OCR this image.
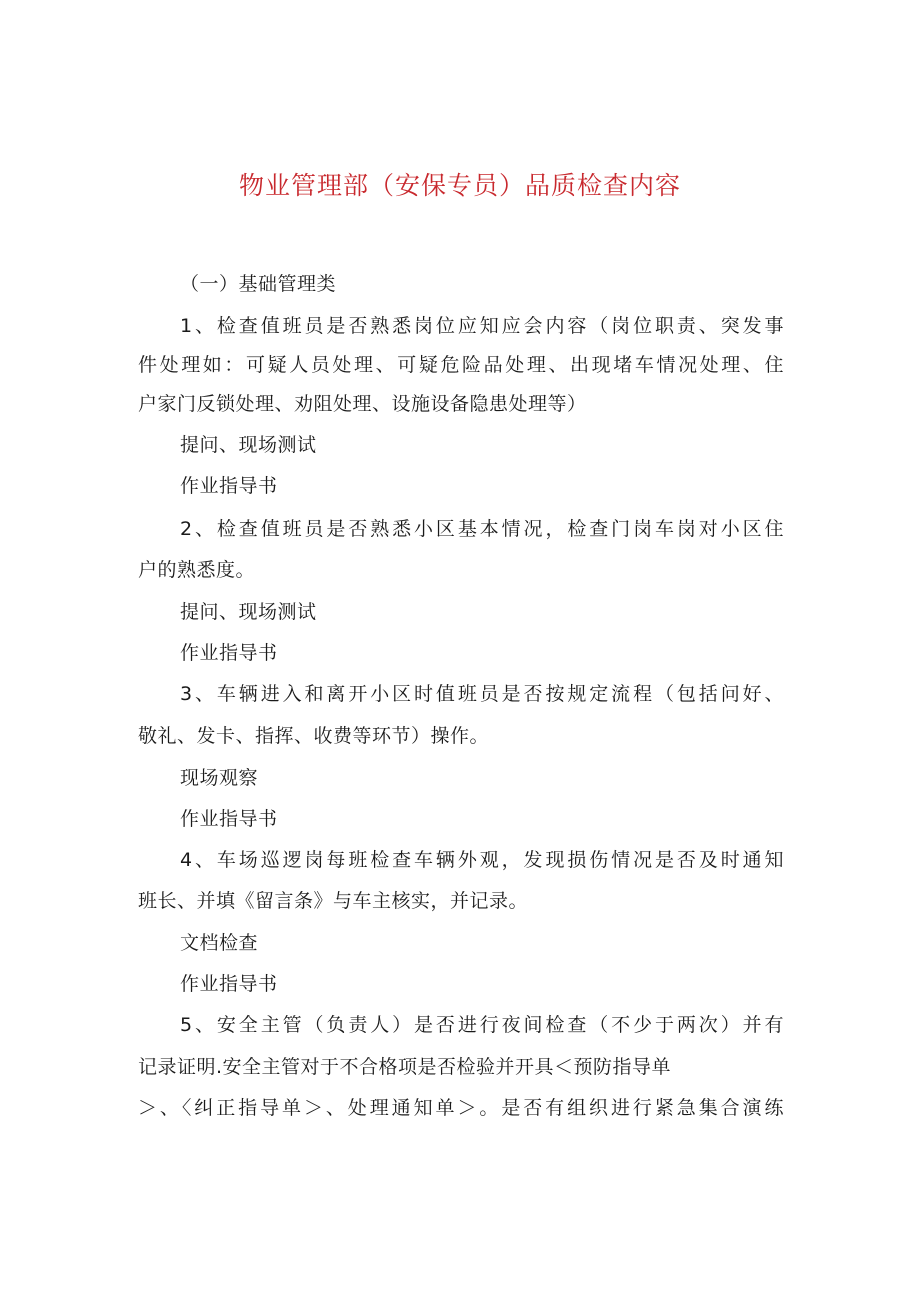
物业管理部（安保专员）品质检查内容
（一）基础管理类
1、检查值班员是否熟悉岗位应知应会内容（岗位职责、突发事
件处理如：可疑人员处理、可疑危险品处理、出现堵车情况处理、住
户家门反锁处理、劝阻处理、设施设备隐患处理等）
提问、现场测试
作业指导书
2、检查值班员是否熟悉小区基本情况，检查门岗车岗对小区住
户的熟悉度。
提问、现场测试
作业指导书
3、车辆进入和离开小区时值班员是否按规定流程（包括问好、
敬礼、发卡、指挥、收费等环节）操作。
现场观察
作业指导书
4、车场巡逻岗每班检查车辆外观，发现损伤情况是否及时通知
班长、并填《留言条》与车主核实，并记录。
文档检查
作业指导书
5、安全主管（负责人）是否进行夜间检查（不少于两次）并有
记录证明.安全主管对于不合格项是否检验并开具＜预防指导单
＞、〈纠正指导单＞、处理通知单＞。是否有组织进行紧急集合演练
